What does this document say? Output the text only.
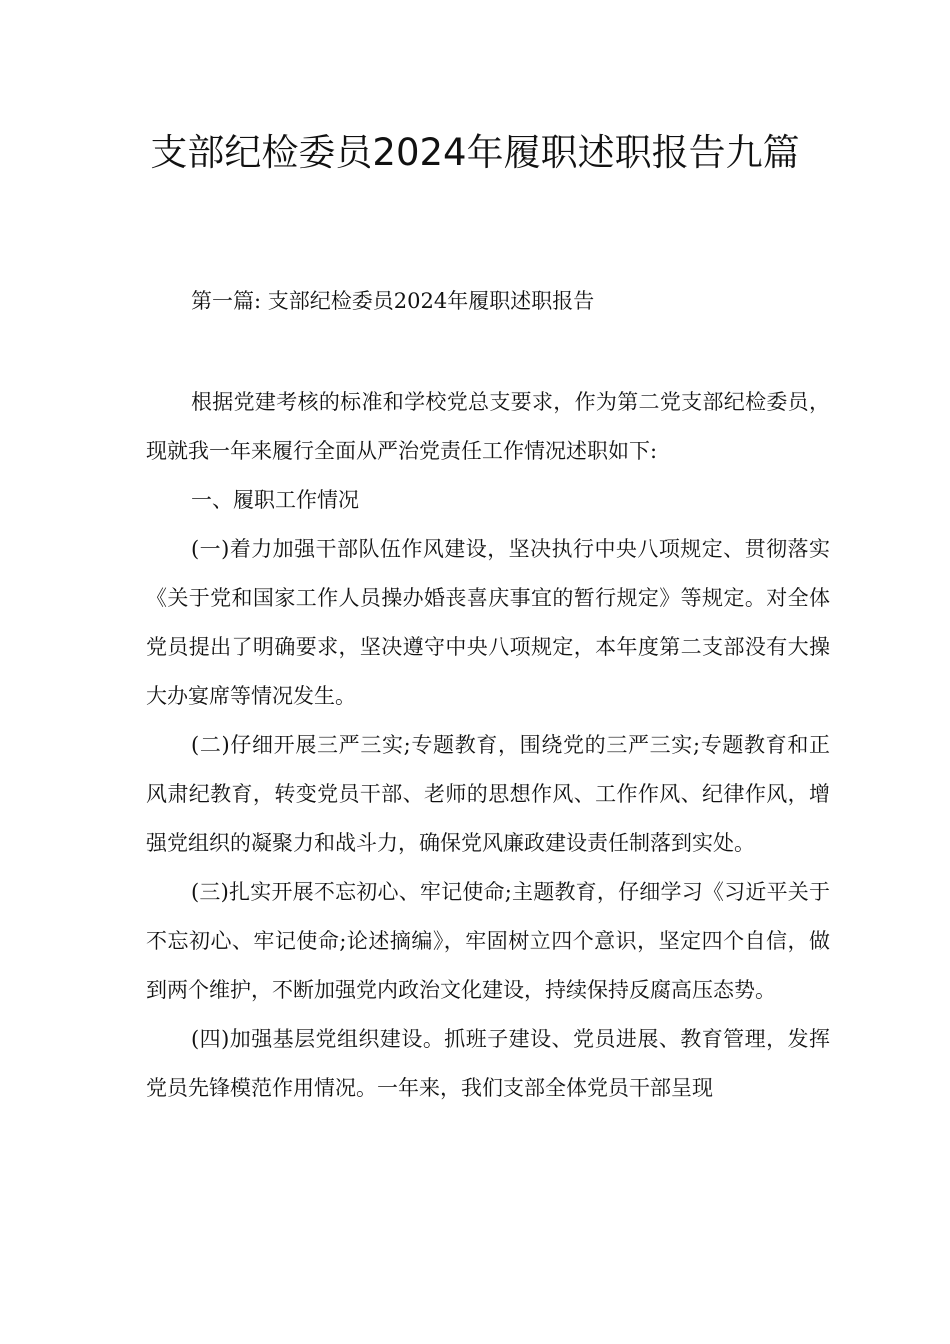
支部纪检委员2024年履职述职报告九篇

第一篇: 支部纪检委员2024年履职述职报告

根据党建考核的标准和学校党总支要求，作为第二党支部纪检委员，现就我一年来履行全面从严治党责任工作情况述职如下:

一、履职工作情况

(一)着力加强干部队伍作风建设，坚决执行中央八项规定、贯彻落实《关于党和国家工作人员操办婚丧喜庆事宜的暂行规定》等规定。对全体党员提出了明确要求，坚决遵守中央八项规定，本年度第二支部没有大操大办宴席等情况发生。

(二)仔细开展三严三实;专题教育，围绕党的三严三实;专题教育和正风肃纪教育，转变党员干部、老师的思想作风、工作作风、纪律作风，增强党组织的凝聚力和战斗力，确保党风廉政建设责任制落到实处。

(三)扎实开展不忘初心、牢记使命;主题教育，仔细学习《习近平关于不忘初心、牢记使命;论述摘编》，牢固树立四个意识，坚定四个自信，做到两个维护，不断加强党内政治文化建设，持续保持反腐高压态势。

(四)加强基层党组织建设。抓班子建设、党员进展、教育管理，发挥党员先锋模范作用情况。一年来，我们支部全体党员干部呈现
